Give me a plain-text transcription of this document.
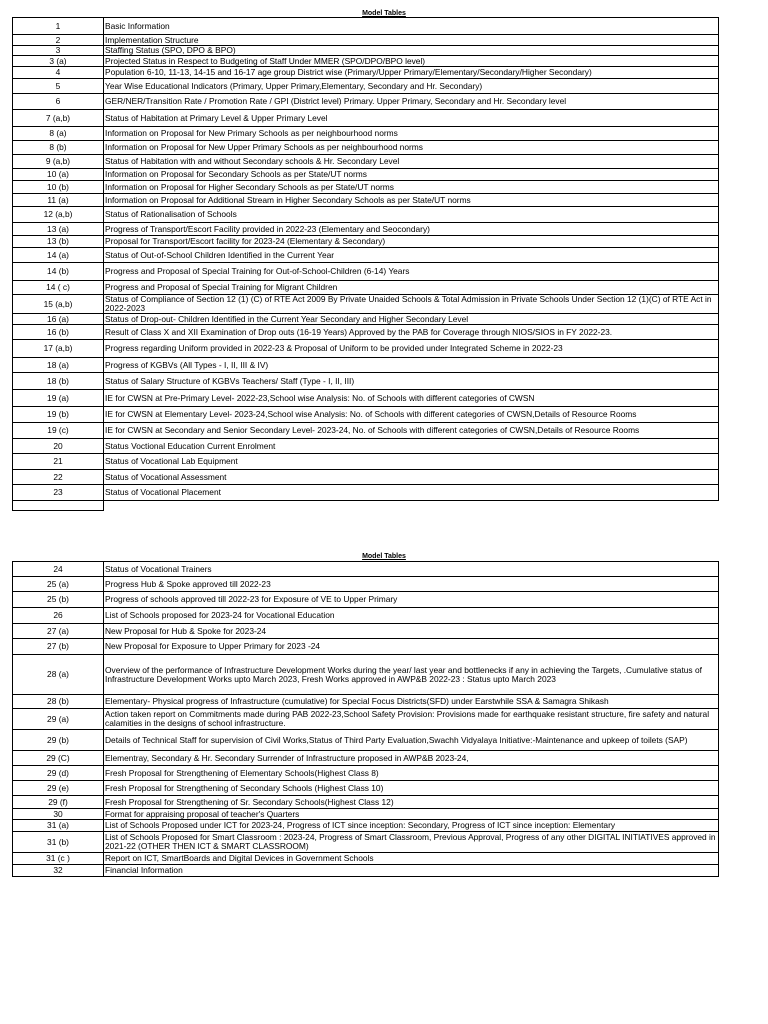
Model Tables
1	Basic Information
2	Implementation Structure
3	Staffing Status (SPO, DPO & BPO)
3 (a)	Projected Status in Respect to Budgeting of Staff Under MMER (SPO/DPO/BPO level)
4	Population 6-10, 11-13, 14-15 and 16-17 age group District wise (Primary/Upper Primary/Elementary/Secondary/Higher Secondary)
5	Year Wise Educational Indicators (Primary, Upper Primary,Elementary, Secondary and Hr. Secondary)
6	GER/NER/Transition Rate / Promotion Rate / GPI (District level) Primary. Upper Primary, Secondary and Hr. Secondary level
7 (a,b)	Status of Habitation at Primary Level & Upper Primary Level
8 (a)	Information on Proposal for New Primary Schools as per neighbourhood norms
8 (b)	Information on Proposal for New Upper Primary Schools as per neighbourhood norms
9 (a,b)	Status of Habitation with and without Secondary schools & Hr. Secondary Level
10 (a)	Information on Proposal for Secondary Schools as per State/UT norms
10 (b)	Information on Proposal for Higher Secondary Schools as per State/UT norms
11 (a)	Information on Proposal for Additional Stream in Higher Secondary Schools as per State/UT norms
12 (a,b)	Status of Rationalisation of Schools
13 (a)	Progress of Transport/Escort Facility provided in 2022-23 (Elementary and Seocondary)
13 (b)	Proposal for Transport/Escort facility for 2023-24 (Elementary & Secondary)
14 (a)	Status of Out-of-School Children Identified in the Current Year
14 (b)	Progress and Proposal of Special Training for Out-of-School-Children (6-14) Years
14 ( c)	Progress and Proposal of Special Training for Migrant Children
15 (a,b)	Status of Compliance of Section 12 (1) (C) of RTE Act 2009 By Private Unaided Schools & Total Admission in Private Schools Under Section 12 (1)(C) of RTE Act in 2022-2023
16 (a)	Status of Drop-out- Children Identified in the Current Year Secondary and Higher Secondary Level
16 (b)	Result of Class X and XII Examination of Drop outs (16-19 Years) Approved by the PAB for Coverage through NIOS/SIOS in FY 2022-23.
17 (a,b)	Progress regarding Uniform provided in 2022-23 & Proposal of Uniform to be provided under Integrated Scheme in 2022-23
18 (a)	Progress of KGBVs (All Types - I, II, III & IV)
18 (b)	Status of Salary Structure of KGBVs Teachers/ Staff (Type - I, II, III)
19 (a)	IE for CWSN at Pre-Primary Level- 2022-23,School wise Analysis: No. of Schools with different categories of CWSN
19 (b)	IE for CWSN at Elementary Level- 2023-24,School wise Analysis: No. of Schools with different categories of CWSN,Details of Resource Rooms
19 (c)	IE for CWSN at Secondary and Senior Secondary Level- 2023-24, No. of Schools with different categories of CWSN,Details of Resource Rooms
20	Status Voctional Education Current Enrolment
21	Status of Vocational Lab Equipment
22	Status of Vocational Assessment
23	Status of Vocational Placement

Model Tables
24	Status of Vocational Trainers
25 (a)	Progress Hub & Spoke approved till 2022-23
25 (b)	Progress of schools approved till 2022-23 for Exposure of VE to Upper Primary
26	List of Schools proposed for 2023-24 for Vocational Education
27 (a)	New Proposal for Hub & Spoke for 2023-24
27 (b)	New Proposal for Exposure to Upper Primary for 2023 -24
28 (a)	Overview of the performance of Infrastructure Development Works during the year/ last year and bottlenecks if any in achieving the Targets, .Cumulative status of Infrastructure Development Works upto March 2023, Fresh Works approved in AWP&B 2022-23 : Status upto March 2023
28 (b)	Elementary- Physical progress of Infrastructure (cumulative) for Special Focus Districts(SFD) under Earstwhile SSA & Samagra Shikash
29 (a)	Action taken report on Commitments made during PAB 2022-23,School Safety Provision: Provisions made for earthquake resistant structure, fire safety and natural calamities in the designs of school infrastructure.
29 (b)	Details of Technical Staff for supervision of Civil Works,Status of Third Party Evaluation,Swachh Vidyalaya Initiative:-Maintenance and upkeep of toilets (SAP)
29 (C)	Elementray, Secondary & Hr. Secondary Surrender of Infrastructure proposed in AWP&B 2023-24,
29 (d)	Fresh Proposal for Strengthening of Elementary Schools(Highest Class 8)
29 (e)	Fresh Proposal for Strengthening of Secondary Schools (Highest Class 10)
29 (f)	Fresh Proposal for Strengthening of Sr. Secondary Schools(Highest Class 12)
30	Format for appraising proposal of teacher's Quarters
31 (a)	List of Schools Proposed under ICT for 2023-24, Progress of ICT since inception: Secondary, Progress of ICT since inception: Elementary
31 (b)	List of Schools Proposed for Smart Classroom : 2023-24, Progress of Smart Classroom, Previous Approval, Progress of any other DIGITAL INITIATIVES approved in 2021-22 (OTHER THEN ICT & SMART CLASSROOM)
31 (c )	Report on ICT, SmartBoards and Digital Devices in Government Schools
32	Financial Information
